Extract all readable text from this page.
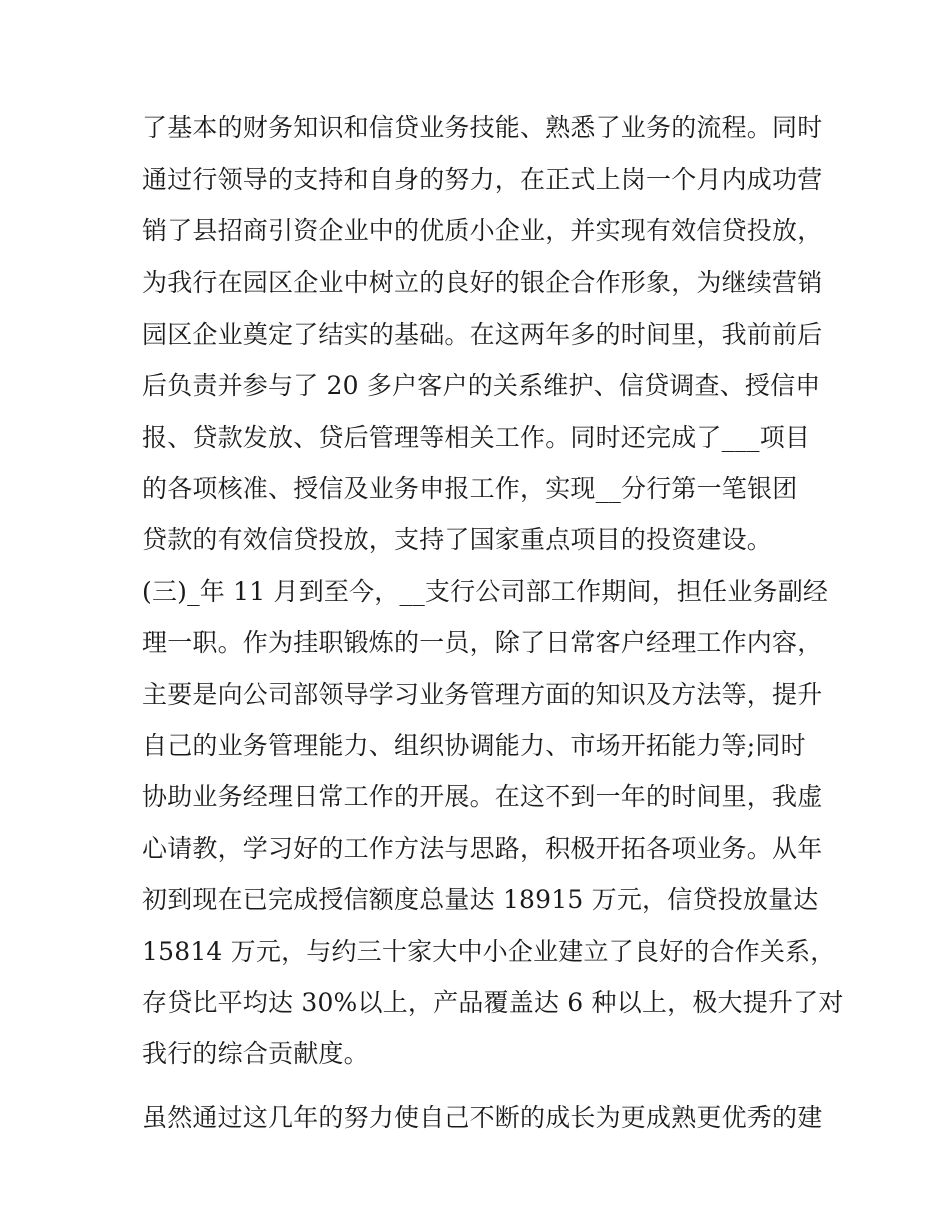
了基本的财务知识和信贷业务技能、熟悉了业务的流程。同时
通过行领导的支持和自身的努力，在正式上岗一个月内成功营
销了县招商引资企业中的优质小企业，并实现有效信贷投放，
为我行在园区企业中树立的良好的银企合作形象，为继续营销
园区企业奠定了结实的基础。在这两年多的时间里，我前前后
后负责并参与了 20 多户客户的关系维护、信贷调查、授信申
报、贷款发放、贷后管理等相关工作。同时还完成了___项目
的各项核准、授信及业务申报工作，实现__分行第一笔银团
贷款的有效信贷投放，支持了国家重点项目的投资建设。
(三)_年 11 月到至今，__支行公司部工作期间，担任业务副经
理一职。作为挂职锻炼的一员，除了日常客户经理工作内容，
主要是向公司部领导学习业务管理方面的知识及方法等，提升
自己的业务管理能力、组织协调能力、市场开拓能力等;同时
协助业务经理日常工作的开展。在这不到一年的时间里，我虚
心请教，学习好的工作方法与思路，积极开拓各项业务。从年
初到现在已完成授信额度总量达 18915 万元，信贷投放量达
15814 万元，与约三十家大中小企业建立了良好的合作关系，
存贷比平均达 30%以上，产品覆盖达 6 种以上，极大提升了对
我行的综合贡献度。
虽然通过这几年的努力使自己不断的成长为更成熟更优秀的建
